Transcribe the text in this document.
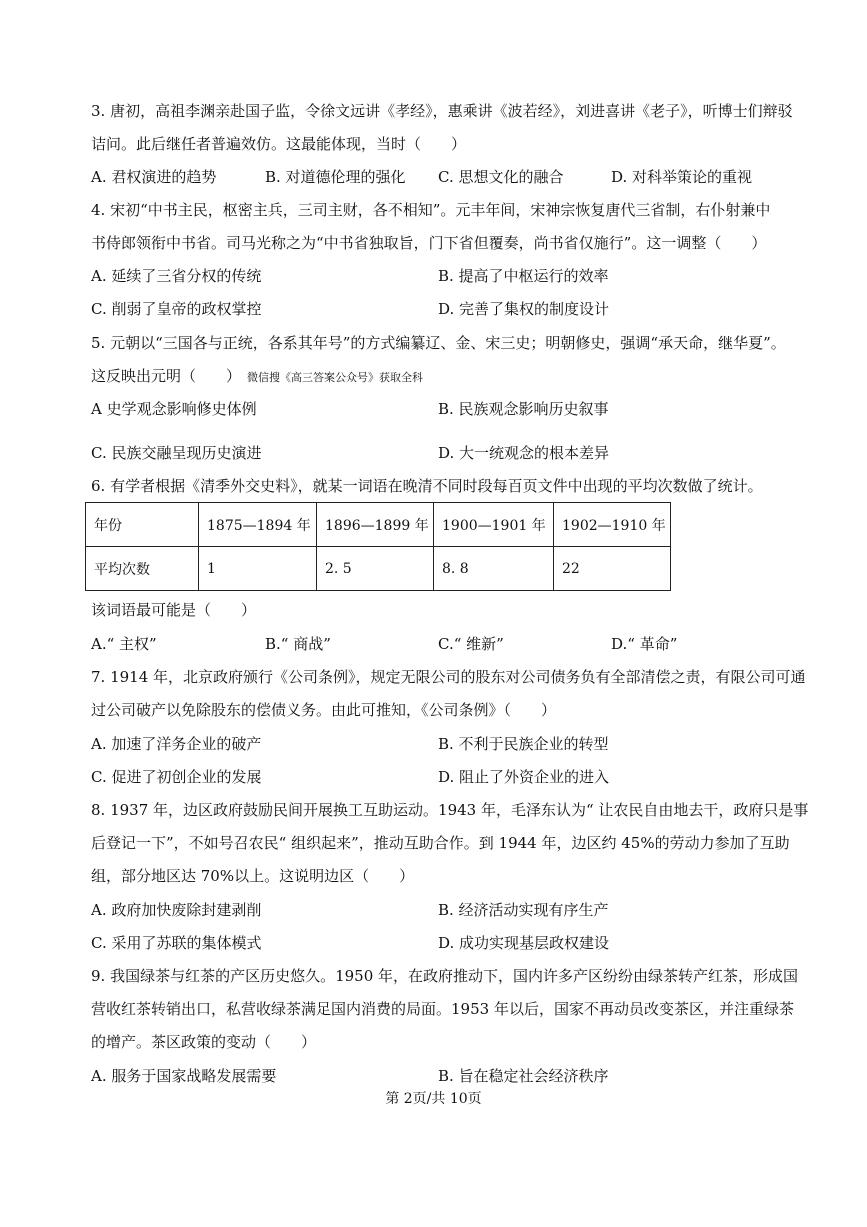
3. 唐初，高祖李渊亲赴国子监，令徐文远讲《孝经》，惠乘讲《波若经》，刘进喜讲《老子》，听博士们辩驳
诘问。此后继任者普遍效仿。这最能体现，当时（　　）
A. 君权演进的趋势	B. 对道德伦理的强化 C. 思想文化的融合	D. 对科举策论的重视
4. 宋初“中书主民，枢密主兵，三司主财，各不相知”。元丰年间，宋神宗恢复唐代三省制，右仆射兼中
书侍郎领衔中书省。司马光称之为“中书省独取旨，门下省但覆奏，尚书省仅施行”。这一调整（　　）
A. 延续了三省分权的传统	B. 提高了中枢运行的效率
C. 削弱了皇帝的政权掌控	D. 完善了集权的制度设计
5. 元朝以“三国各与正统，各系其年号”的方式编纂辽、金、宋三史；明朝修史，强调“承天命，继华夏”。
这反映出元明（　　） 微信搜《高三答案公众号》获取全科
A 史学观念影响修史体例	B. 民族观念影响历史叙事
C. 民族交融呈现历史演进	D. 大一统观念的根本差异
6. 有学者根据《清季外交史料》，就某一词语在晚清不同时段每百页文件中出现的平均次数做了统计。
年份	1875—1894 年	1896—1899 年	1900—1901 年	1902—1910 年
平均次数	1	2. 5	8. 8	22
该词语最可能是（　　）
A.“ 主权”	B.“ 商战”	C.“ 维新”	D.“ 革命”
7. 1914 年，北京政府颁行《公司条例》，规定无限公司的股东对公司债务负有全部清偿之责，有限公司可通
过公司破产以免除股东的偿债义务。由此可推知，《公司条例》（　　）
A. 加速了洋务企业的破产	B. 不利于民族企业的转型
C. 促进了初创企业的发展	D. 阻止了外资企业的进入
8. 1937 年，边区政府鼓励民间开展换工互助运动。1943 年，毛泽东认为“ 让农民自由地去干，政府只是事
后登记一下”，不如号召农民“ 组织起来”，推动互助合作。到 1944 年，边区约 45%的劳动力参加了互助
组，部分地区达 70%以上。这说明边区（　　）
A. 政府加快废除封建剥削	B. 经济活动实现有序生产
C. 采用了苏联的集体模式	D. 成功实现基层政权建设
9. 我国绿茶与红茶的产区历史悠久。1950 年，在政府推动下，国内许多产区纷纷由绿茶转产红茶，形成国
营收红茶转销出口，私营收绿茶满足国内消费的局面。1953 年以后，国家不再动员改变茶区，并注重绿茶
的增产。茶区政策的变动（　　）
A. 服务于国家战略发展需要	B. 旨在稳定社会经济秩序
第 2页/共 10页
